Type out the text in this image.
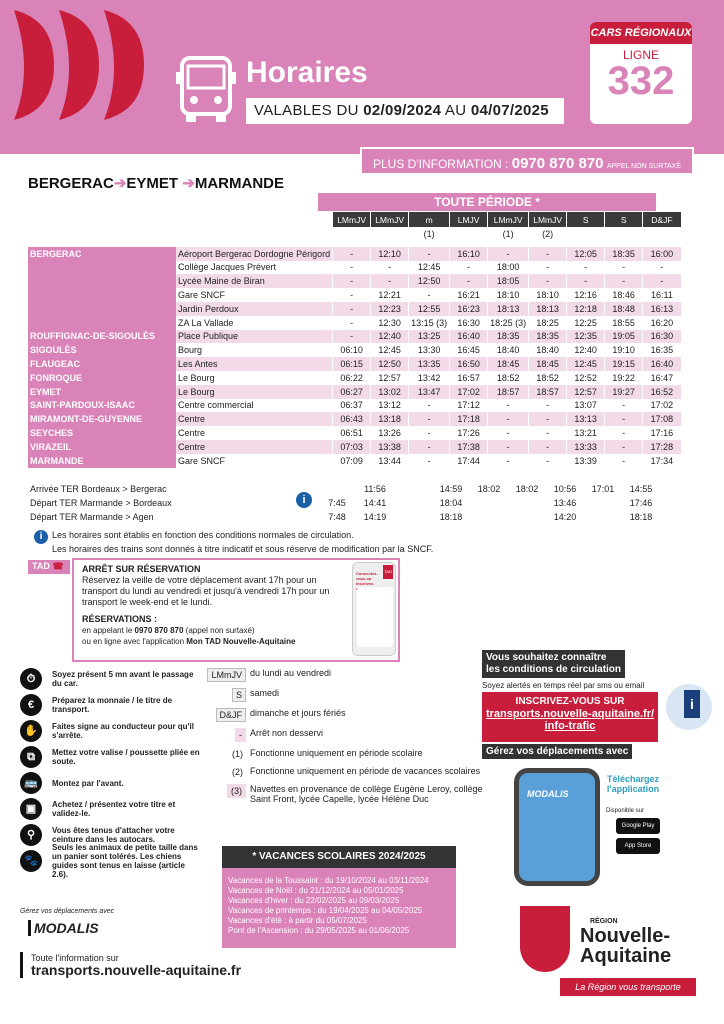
Horaires
VALABLES DU 02/09/2024 AU 04/07/2025
CARS RÉGIONAUX
LIGNE
332
PLUS D'INFORMATION : 0970 870 870 APPEL NON SURTAXÉ
BERGERAC➔EYMET ➔MARMANDE
TOUTE PÉRIODE *
		LMmJV	LMmJV	m	LMJV	LMmJV	LMmJV	S	S	D&JF
				(1)		(1)	(2)			

BERGERAC	Aéroport Bergerac Dordogne Périgord	-	12:10	-	16:10	-	-	12:05	18:35	16:00
	Collège Jacques Prévert	-	-	12:45	-	18:00	-	-	-	-
	Lycée Maine de Biran	-	-	12:50	-	18:05	-	-	-	-
	Gare SNCF	-	12:21	-	16:21	18:10	18:10	12:16	18:46	16:11
	Jardin Perdoux	-	12:23	12:55	16:23	18:13	18:13	12:18	18:48	16:13
	ZA La Vallade	-	12:30	13:15 (3)	16:30	18:25 (3)	18:25	12:25	18:55	16:20
ROUFFIGNAC-DE-SIGOULÈS	Place Publique	-	12:40	13:25	16:40	18:35	18:35	12:35	19:05	16:30
SIGOULÈS	Bourg	06:10	12:45	13:30	16:45	18:40	18:40	12:40	19:10	16:35
FLAUGEAC	Les Antes	06:15	12:50	13:35	16:50	18:45	18:45	12:45	19:15	16:40
FONROQUE	Le Bourg	06:22	12:57	13:42	16:57	18:52	18:52	12:52	19:22	16:47
EYMET	Le Bourg	06:27	13:02	13:47	17:02	18:57	18:57	12:57	19:27	16:52
SAINT-PARDOUX-ISAAC	Centre commercial	06:37	13:12	-	17:12	-	-	13:07	-	17:02
MIRAMONT-DE-GUYENNE	Centre	06:43	13:18	-	17:18	-	-	13:13	-	17:08
SEYCHES	Centre	06:51	13:26	-	17:26	-	-	13:21	-	17:16
VIRAZEIL	Centre	07:03	13:38	-	17:38	-	-	13:33	-	17:28
MARMANDE	Gare SNCF	07:09	13:44	-	17:44	-	-	13:39	-	17:34
Arrivée TER Bordeaux > Bergerac		11:56		14:59	18:02	18:02	10:56	17:01	14:55
Départ TER Marmande > Bordeaux	7:45	14:41		18:04			13:46		17:46
Départ TER Marmande > Agen	7:48	14:19		18:18			14:20		18:18
i
i Les horaires sont établis en fonction des conditions normales de circulation.
Les horaires des trains sont donnés à titre indicatif et sous réserve de modification par la SNCF.
TAD ☎	ARRÊT SUR RÉSERVATION
Réservez la veille de votre déplacement avant 17h pour un transport du lundi au vendredi et jusqu'à vendredi 17h pour un transport le week-end et le lundi.
RÉSERVATIONS :
en appelant le 0970 870 870 (appel non surtaxé)
ou en ligne avec l'application Mon TAD Nouvelle-Aquitaine
TAD
Connectez-vous ou inscrivez-
⏱	Soyez présent 5 mn avant le passage du car.
€	Préparez la monnaie / le titre de transport.
✋	Faites signe au conducteur pour qu'il s'arrête.
⧉	Mettez votre valise / poussette pliée en soute.
🚌	Montez par l'avant.
▣	Achetez / présentez votre titre et validez-le.
⚲	Vous êtes tenus d'attacher votre ceinture dans les autocars.
🐾
Seuls les animaux de petite taille dans un panier sont tolérés. Les chiens guides sont tenus en laisse (article 2.6).
LMmJV du lundi au vendredi
S samedi
D&JF dimanche et jours fériés
- Arrêt non desservi
(1) Fonctionne uniquement en période scolaire
(2) Fonctionne uniquement en période de vacances scolaires
(3) Navettes en provenance de collège Eugène Leroy, collège Saint Front, lycée Capelle, lycée Hélène Duc
* VACANCES SCOLAIRES 2024/2025
Vacances de la Toussaint : du 19/10/2024 au 03/11/2024
Vacances de Noël : du 21/12/2024 au 05/01/2025
Vacances d'hiver : du 22/02/2025 au 09/03/2025
Vacances de printemps : du 19/04/2025 au 04/05/2025
Vacances d'été : à partir du 05/07/2025
Pont de l'Ascension : du 29/05/2025 au 01/06/2025
Vous souhaitez connaître
les conditions de circulation
Soyez alertés en temps réel par sms ou email
INSCRIVEZ-VOUS SUR
transports.nouvelle-aquitaine.fr/
info-trafic
i
Gérez vos déplacements avec
MODALIS
Téléchargez l'application
Disponible sur
Google Play
App Store
RÉGION
Nouvelle-
Aquitaine
La Région vous transporte
Gérez vos déplacements avec
MODALIS
Toute l'information sur
transports.nouvelle-aquitaine.fr
